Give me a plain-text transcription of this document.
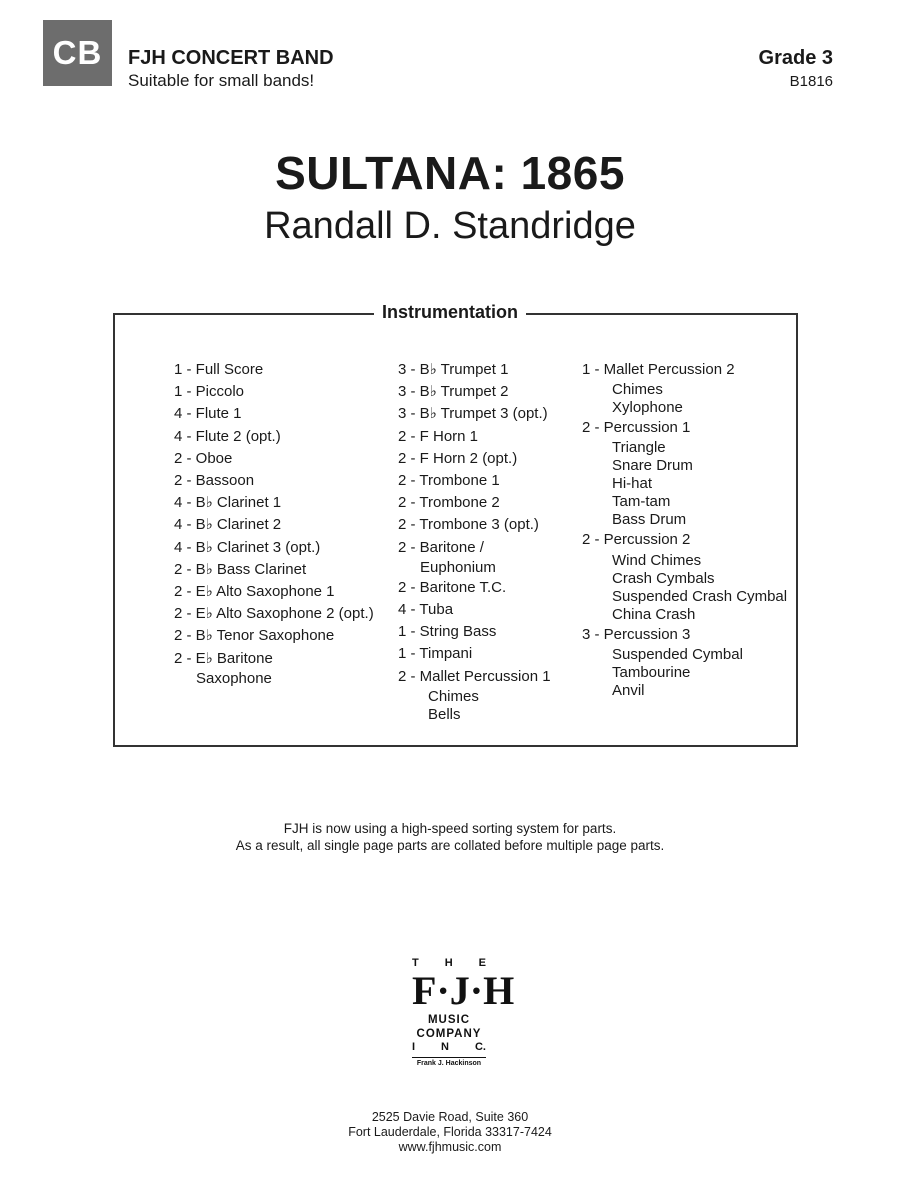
CB	FJH CONCERT BAND
Suitable for small bands!
Grade 3
B1816
SULTANA: 1865
Randall D. Standridge
Instrumentation
1 - Full Score
1 - Piccolo
4 - Flute 1
4 - Flute 2 (opt.)
2 - Oboe
2 - Bassoon
4 - B♭ Clarinet 1
4 - B♭ Clarinet 2
4 - B♭ Clarinet 3 (opt.)
2 - B♭ Bass Clarinet
2 - E♭ Alto Saxophone 1
2 - E♭ Alto Saxophone 2 (opt.)
2 - B♭ Tenor Saxophone
2 - E♭ Baritone
Saxophone
3 - B♭ Trumpet 1
3 - B♭ Trumpet 2
3 - B♭ Trumpet 3 (opt.)
2 - F Horn 1
2 - F Horn 2 (opt.)
2 - Trombone 1
2 - Trombone 2
2 - Trombone 3 (opt.)
2 - Baritone /
Euphonium
2 - Baritone T.C.
4 - Tuba
1 - String Bass
1 - Timpani
2 - Mallet Percussion 1
Chimes
Bells
1 - Mallet Percussion 2
Chimes
Xylophone
2 - Percussion 1
Triangle
Snare Drum
Hi-hat
Tam-tam
Bass Drum
2 - Percussion 2
Wind Chimes
Crash Cymbals
Suspended Crash Cymbal
China Crash
3 - Percussion 3
Suspended Cymbal
Tambourine
Anvil
FJH is now using a high-speed sorting system for parts.
As a result, all single page parts are collated before multiple page parts.
T H E
F · J · H
MUSIC
COMPANY
I N C.
Frank J. Hackinson
2525 Davie Road, Suite 360
Fort Lauderdale, Florida 33317-7424
www.fjhmusic.com
